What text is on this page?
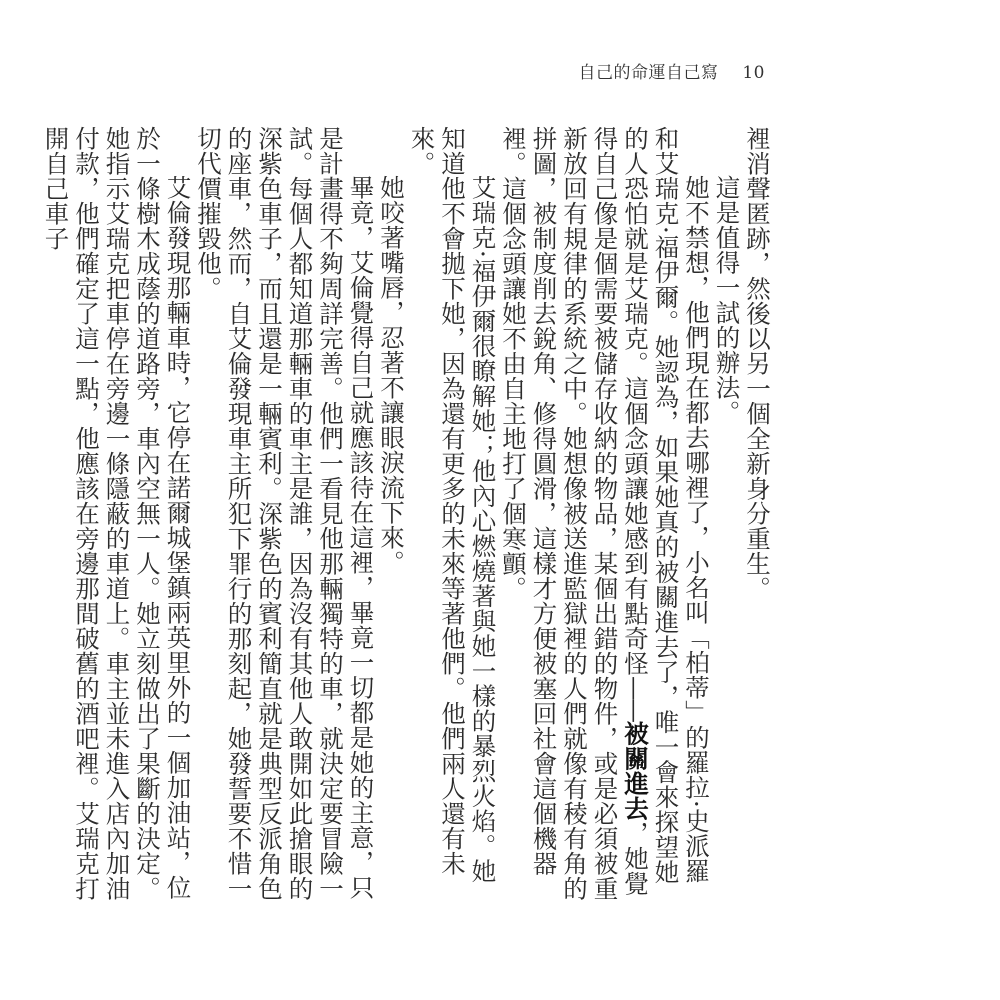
自己的命運自己寫 10

裡消聲匿跡，然後以另一個全新身分重生。

這是值得一試的辦法。

她不禁想，他們現在都去哪裡了，小名叫「柏蒂」的羅拉·史派羅和艾瑞克·福伊爾。她認為，如果她真的被關進去了，唯一會來探望她的人恐怕就是艾瑞克。這個念頭讓她感到有點奇怪——被關進去，她覺得自己像是個需要被儲存收納的物品，某個出錯的物件，或是必須被重新放回有規律的系統之中。她想像被送進監獄裡的人們就像有稜有角的拼圖，被制度削去銳角、修得圓滑，這樣才方便被塞回社會這個機器裡。這個念頭讓她不由自主地打了個寒顫。

艾瑞克·福伊爾很瞭解她；他內心燃燒著與她一樣的暴烈火焰。她知道他不會拋下她，因為還有更多的未來等著他們。他們兩人還有未來。

她咬著嘴唇，忍著不讓眼淚流下來。

畢竟，艾倫覺得自己就應該待在這裡，畢竟一切都是她的主意，只是計畫得不夠周詳完善。他們一看見他那輛獨特的車，就決定要冒險一試。每個人都知道那輛車的車主是誰，因為沒有其他人敢開如此搶眼的深紫色車子，而且還是一輛賓利。深紫色的賓利簡直就是典型反派角色的座車，然而，自艾倫發現車主所犯下罪行的那刻起，她發誓要不惜一切代價摧毀他。

艾倫發現那輛車時，它停在諾爾城堡鎮兩英里外的一個加油站，位於一條樹木成蔭的道路旁，車內空無一人。她立刻做出了果斷的決定。她指示艾瑞克把車停在旁邊一條隱蔽的車道上。車主並未進入店內加油付款，他們確定了這一點，他應該在旁邊那間破舊的酒吧裡。艾瑞克打開自己車子
